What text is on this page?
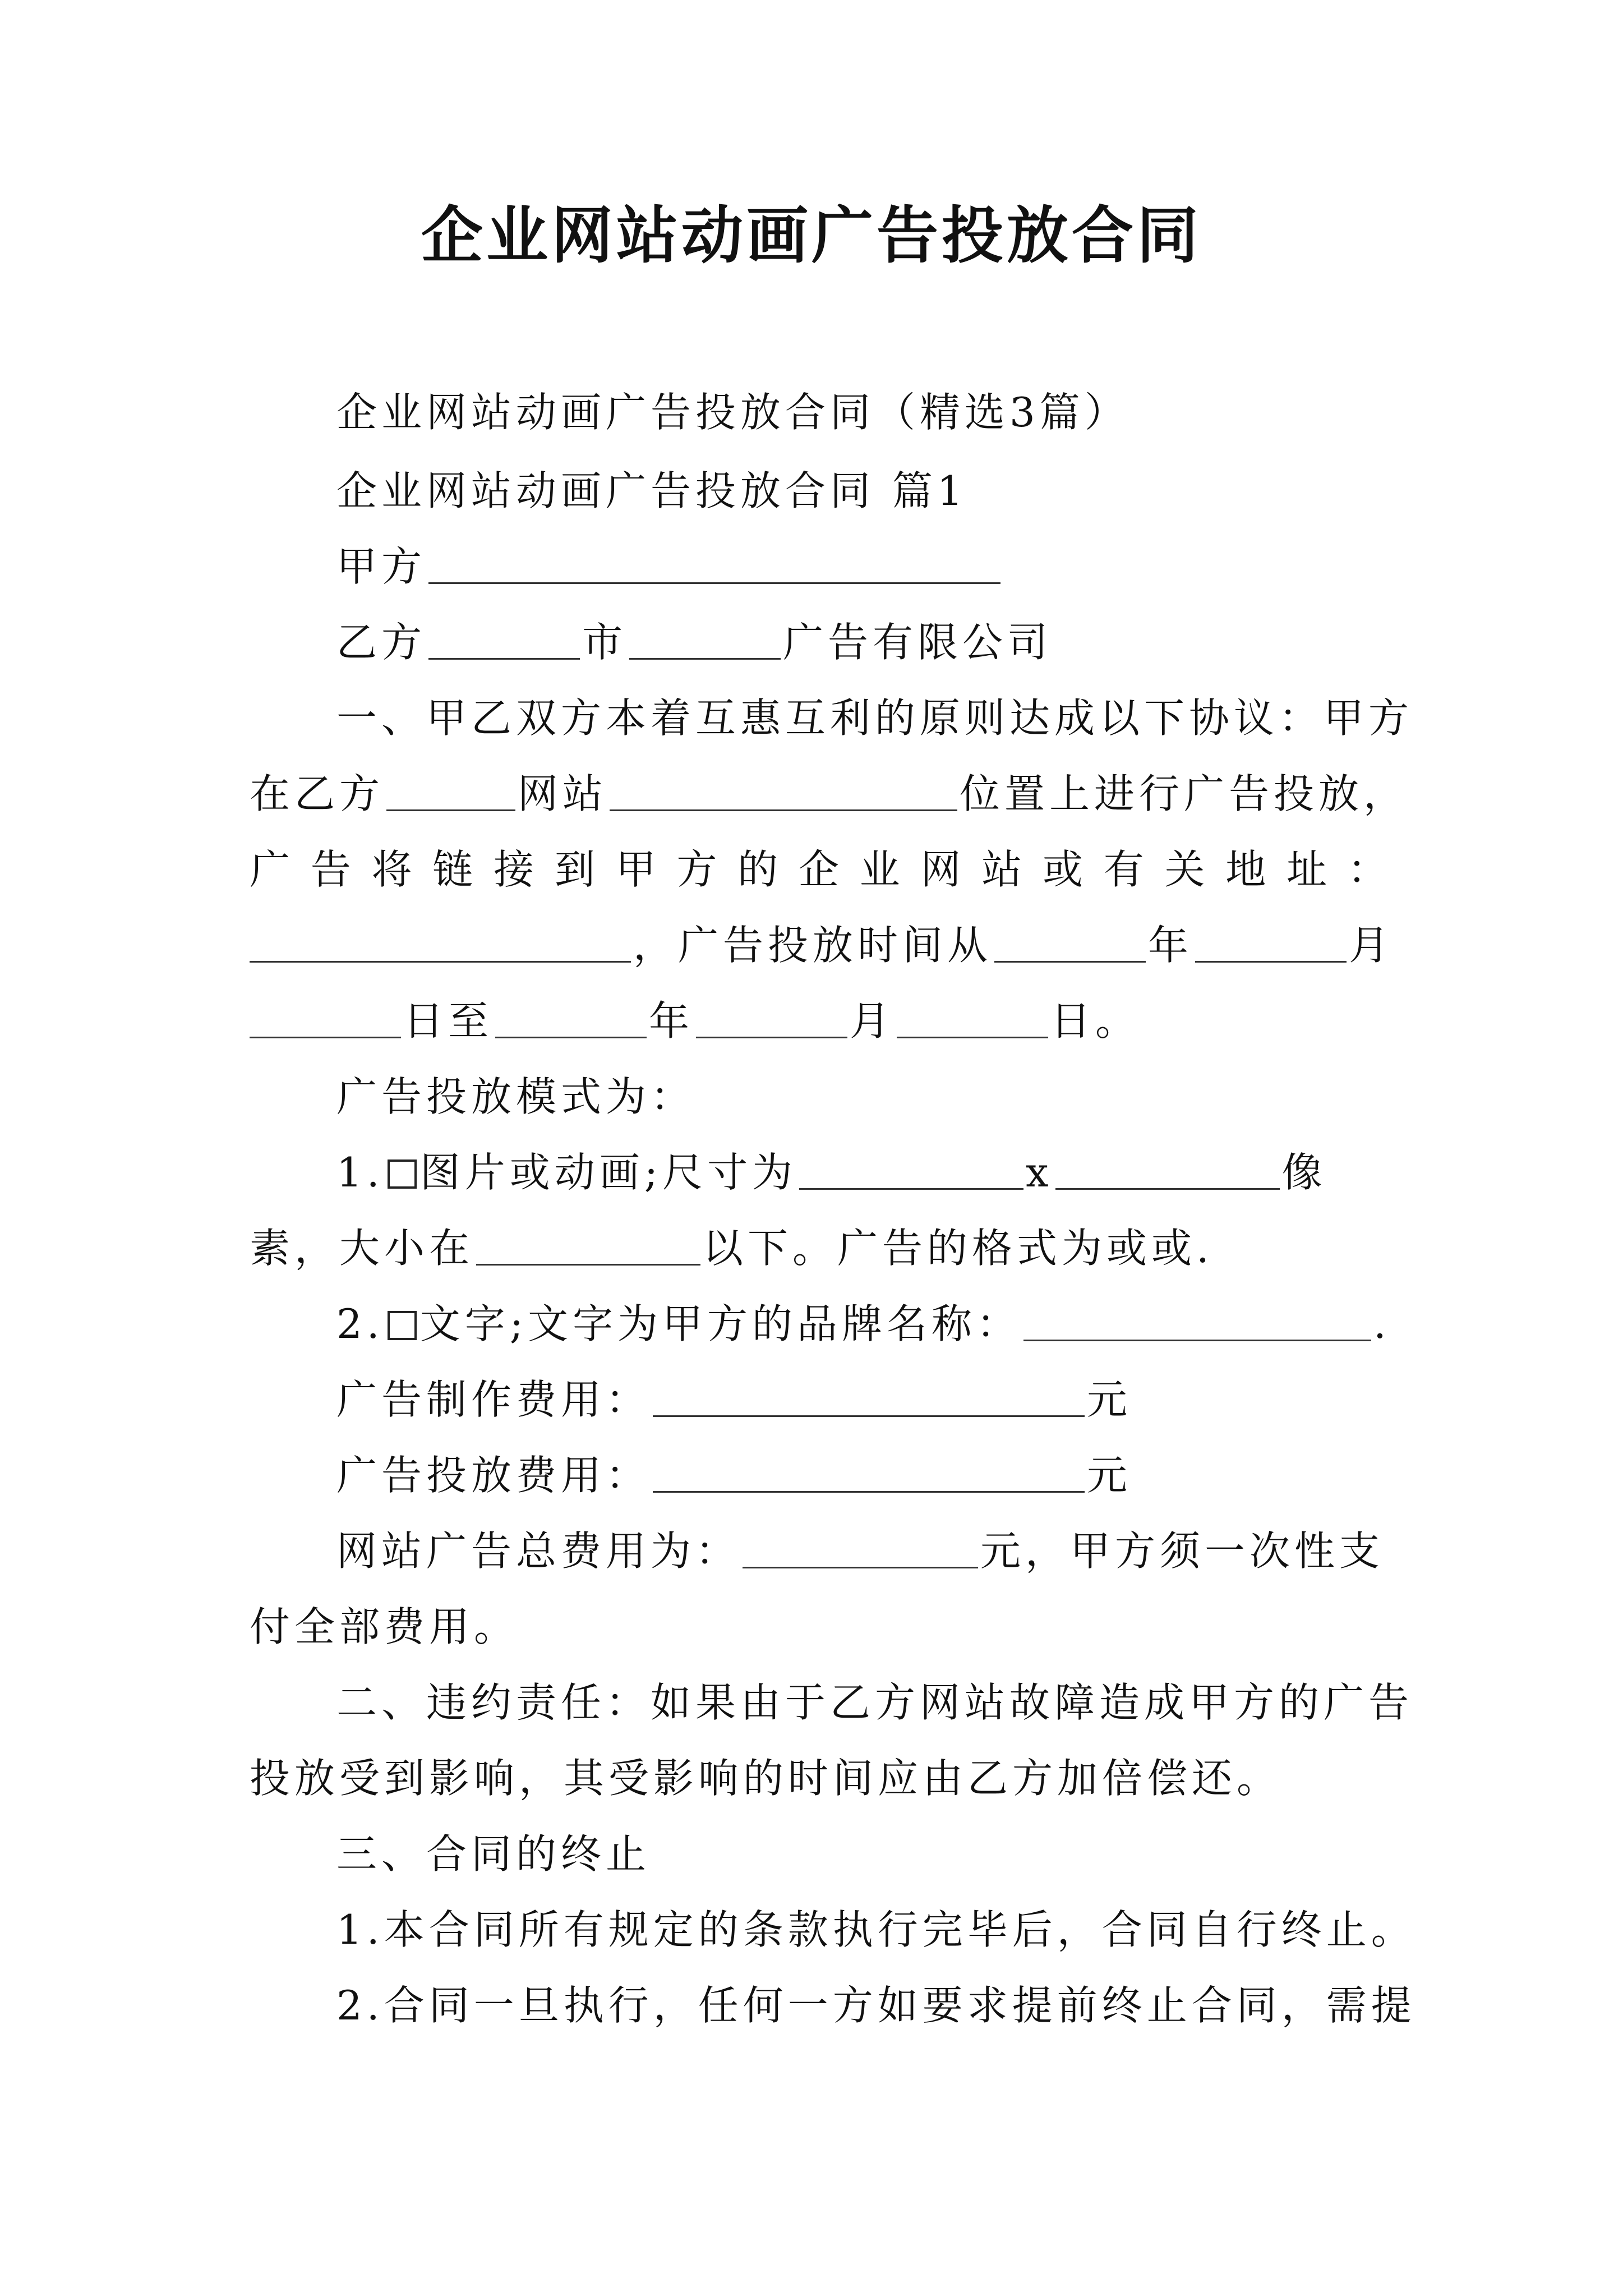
企业网站动画广告投放合同
企业网站动画广告投放合同（精选3篇）
企业网站动画广告投放合同 篇1
甲方
乙方	市	广告有限公司
一、甲乙双方本着互惠互利的原则达成以下协议：甲方
在乙方	网站	位置上进行广告投放，
广 告 将 链 接 到 甲 方 的 企 业 网 站 或 有 关 地 址 ：
，广告投放时间从	年	月
日至	年	月	日。
广告投放模式为：
1. 图片或动画;尺寸为	x	像
素，大小在	以下。广告的格式为或或.
2. 文字;文字为甲方的品牌名称：	.
广告制作费用：	元
广告投放费用：	元
网站广告总费用为：	元，甲方须一次性支
付全部费用。
二、违约责任：如果由于乙方网站故障造成甲方的广告
投放受到影响，其受影响的时间应由乙方加倍偿还。
三、合同的终止
1.本合同所有规定的条款执行完毕后，合同自行终止。
2.合同一旦执行，任何一方如要求提前终止合同，需提
